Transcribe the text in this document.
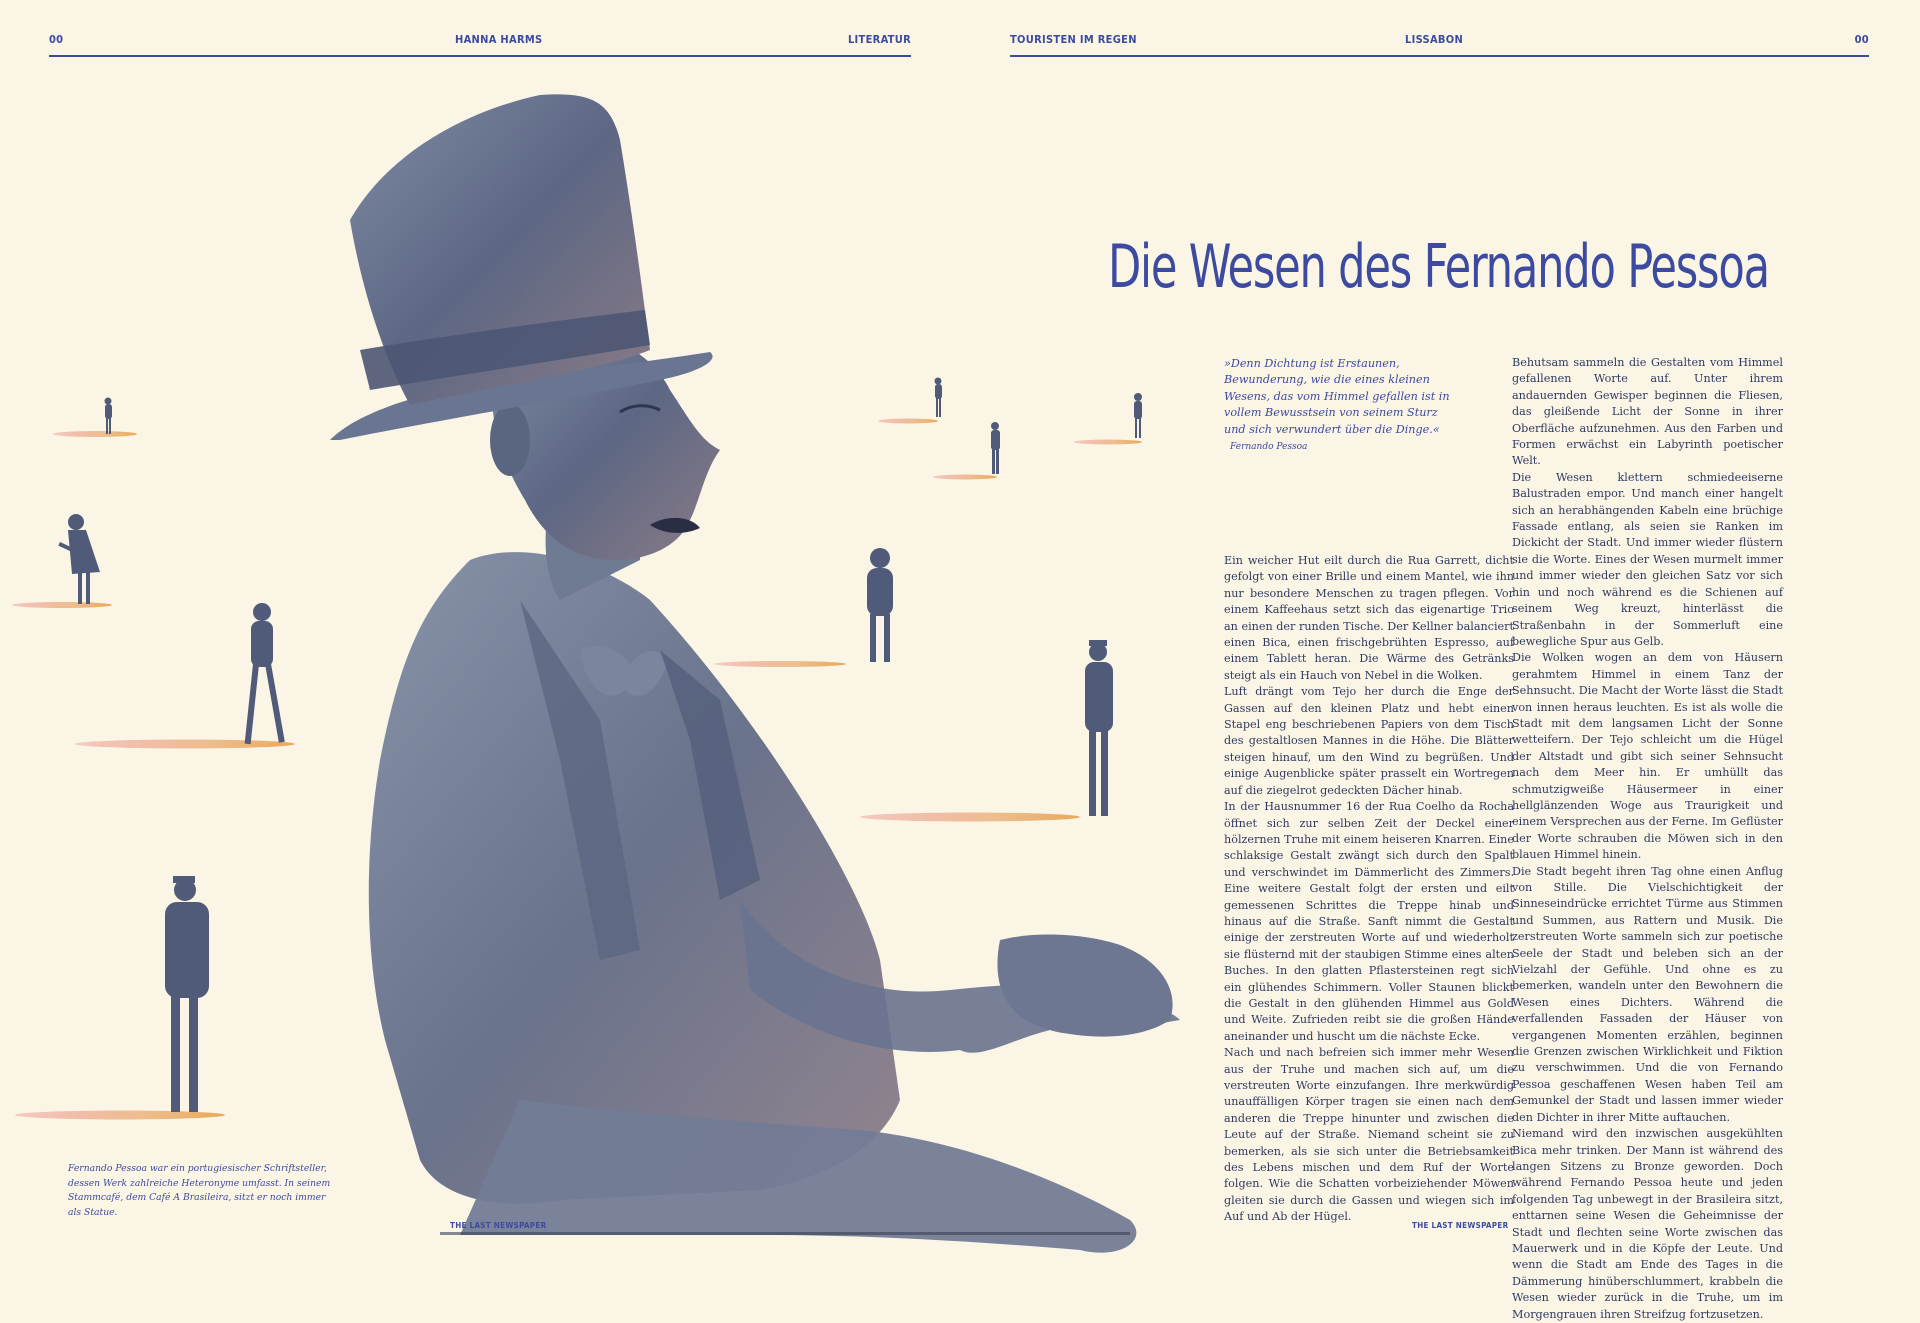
00	HANNA HARMS	LITERATUR	TOURISTEN IM REGEN	LISSABON	00
Die Wesen des Fernando Pessoa
»Denn Dichtung ist Erstaunen, Bewunderung, wie die eines kleinen Wesens, das vom Himmel gefallen ist in vollem Bewusstsein von seinem Sturz und sich verwundert über die Dinge.« Fernando Pessoa

Ein weicher Hut eilt durch die Rua Garrett, dicht gefolgt von einer Brille und einem Mantel, wie ihn nur besondere Menschen zu tragen pflegen. Vor einem Kaffeehaus setzt sich das eigenartige Trio an einen der runden Tische. Der Kellner balanciert einen Bica, einen frischgebrühten Espresso, auf einem Tablett heran. Die Wärme des Getränks steigt als ein Hauch von Nebel in die Wolken.

Luft drängt vom Tejo her durch die Enge der Gassen auf den kleinen Platz und hebt einen Stapel eng beschriebenen Papiers von dem Tisch des gestaltlosen Mannes in die Höhe. Die Blätter steigen hinauf, um den Wind zu begrüßen. Und einige Augenblicke später prasselt ein Wortregen auf die ziegelrot gedeckten Dächer hinab.

In der Hausnummer 16 der Rua Coelho da Rocha öffnet sich zur selben Zeit der Deckel einer hölzernen Truhe mit einem heiseren Knarren. Eine schlaksige Gestalt zwängt sich durch den Spalt und verschwindet im Dämmerlicht des Zimmers. Eine weitere Gestalt folgt der ersten und eilt gemessenen Schrittes die Treppe hinab und hinaus auf die Straße. Sanft nimmt die Gestalt einige der zerstreuten Worte auf und wiederholt sie flüsternd mit der staubigen Stimme eines alten Buches. In den glatten Pflastersteinen regt sich ein glühendes Schimmern. Voller Staunen blickt die Gestalt in den glühenden Himmel aus Gold und Weite. Zufrieden reibt sie die großen Hände aneinander und huscht um die nächste Ecke.

Nach und nach befreien sich immer mehr Wesen aus der Truhe und machen sich auf, um die verstreuten Worte einzufangen. Ihre merkwürdig unauffälligen Körper tragen sie einen nach dem anderen die Treppe hinunter und zwischen die Leute auf der Straße. Niemand scheint sie zu bemerken, als sie sich unter die Betriebsamkeit des Lebens mischen und dem Ruf der Worte folgen. Wie die Schatten vorbeiziehender Möwen gleiten sie durch die Gassen und wiegen sich im Auf und Ab der Hügel.

Behutsam sammeln die Gestalten vom Himmel gefallenen Worte auf. Unter ihrem andauernden Gewisper beginnen die Fliesen, das gleißende Licht der Sonne in ihrer Oberfläche aufzunehmen. Aus den Farben und Formen erwächst ein Labyrinth poetischer Welt.

Die Wesen klettern schmiedeeiserne Balustraden empor. Und manch einer hangelt sich an herabhängenden Kabeln eine brüchige Fassade entlang, als seien sie Ranken im Dickicht der Stadt. Und immer wieder flüstern sie die Worte. Eines der Wesen murmelt immer und immer wieder den gleichen Satz vor sich hin und noch während es die Schienen auf seinem Weg kreuzt, hinterlässt die Straßenbahn in der Sommerluft eine bewegliche Spur aus Gelb.

Die Wolken wogen an dem von Häusern gerahmtem Himmel in einem Tanz der Sehnsucht. Die Macht der Worte lässt die Stadt von innen heraus leuchten. Es ist als wolle die Stadt mit dem langsamen Licht der Sonne wetteifern. Der Tejo schleicht um die Hügel der Altstadt und gibt sich seiner Sehnsucht nach dem Meer hin. Er umhüllt das schmutzigweiße Häusermeer in einer hellglänzenden Woge aus Traurigkeit und einem Versprechen aus der Ferne. Im Geflüster der Worte schrauben die Möwen sich in den blauen Himmel hinein.

Die Stadt begeht ihren Tag ohne einen Anflug von Stille. Die Vielschichtigkeit der Sinneseindrücke errichtet Türme aus Stimmen und Summen, aus Rattern und Musik. Die zerstreuten Worte sammeln sich zur poetische Seele der Stadt und beleben sich an der Vielzahl der Gefühle. Und ohne es zu bemerken, wandeln unter den Bewohnern die Wesen eines Dichters. Während die verfallenden Fassaden der Häuser von vergangenen Momenten erzählen, beginnen die Grenzen zwischen Wirklichkeit und Fiktion zu verschwimmen. Und die von Fernando Pessoa geschaffenen Wesen haben Teil am Gemunkel der Stadt und lassen immer wieder den Dichter in ihrer Mitte auftauchen.

Niemand wird den inzwischen ausgekühlten Bica mehr trinken. Der Mann ist während des langen Sitzens zu Bronze geworden. Doch während Fernando Pessoa heute und jeden folgenden Tag unbewegt in der Brasileira sitzt, enttarnen seine Wesen die Geheimnisse der Stadt und flechten seine Worte zwischen das Mauerwerk und in die Köpfe der Leute. Und wenn die Stadt am Ende des Tages in die Dämmerung hinüberschlummert, krabbeln die Wesen wieder zurück in die Truhe, um im Morgengrauen ihren Streifzug fortzusetzen.

Fernando Pessoa war ein portugiesischer Schriftsteller, dessen Werk zahlreiche Heteronyme umfasst. In seinem Stammcafé, dem Café A Brasileira, sitzt er noch immer als Statue.
THE LAST NEWSPAPER	THE LAST NEWSPAPER
